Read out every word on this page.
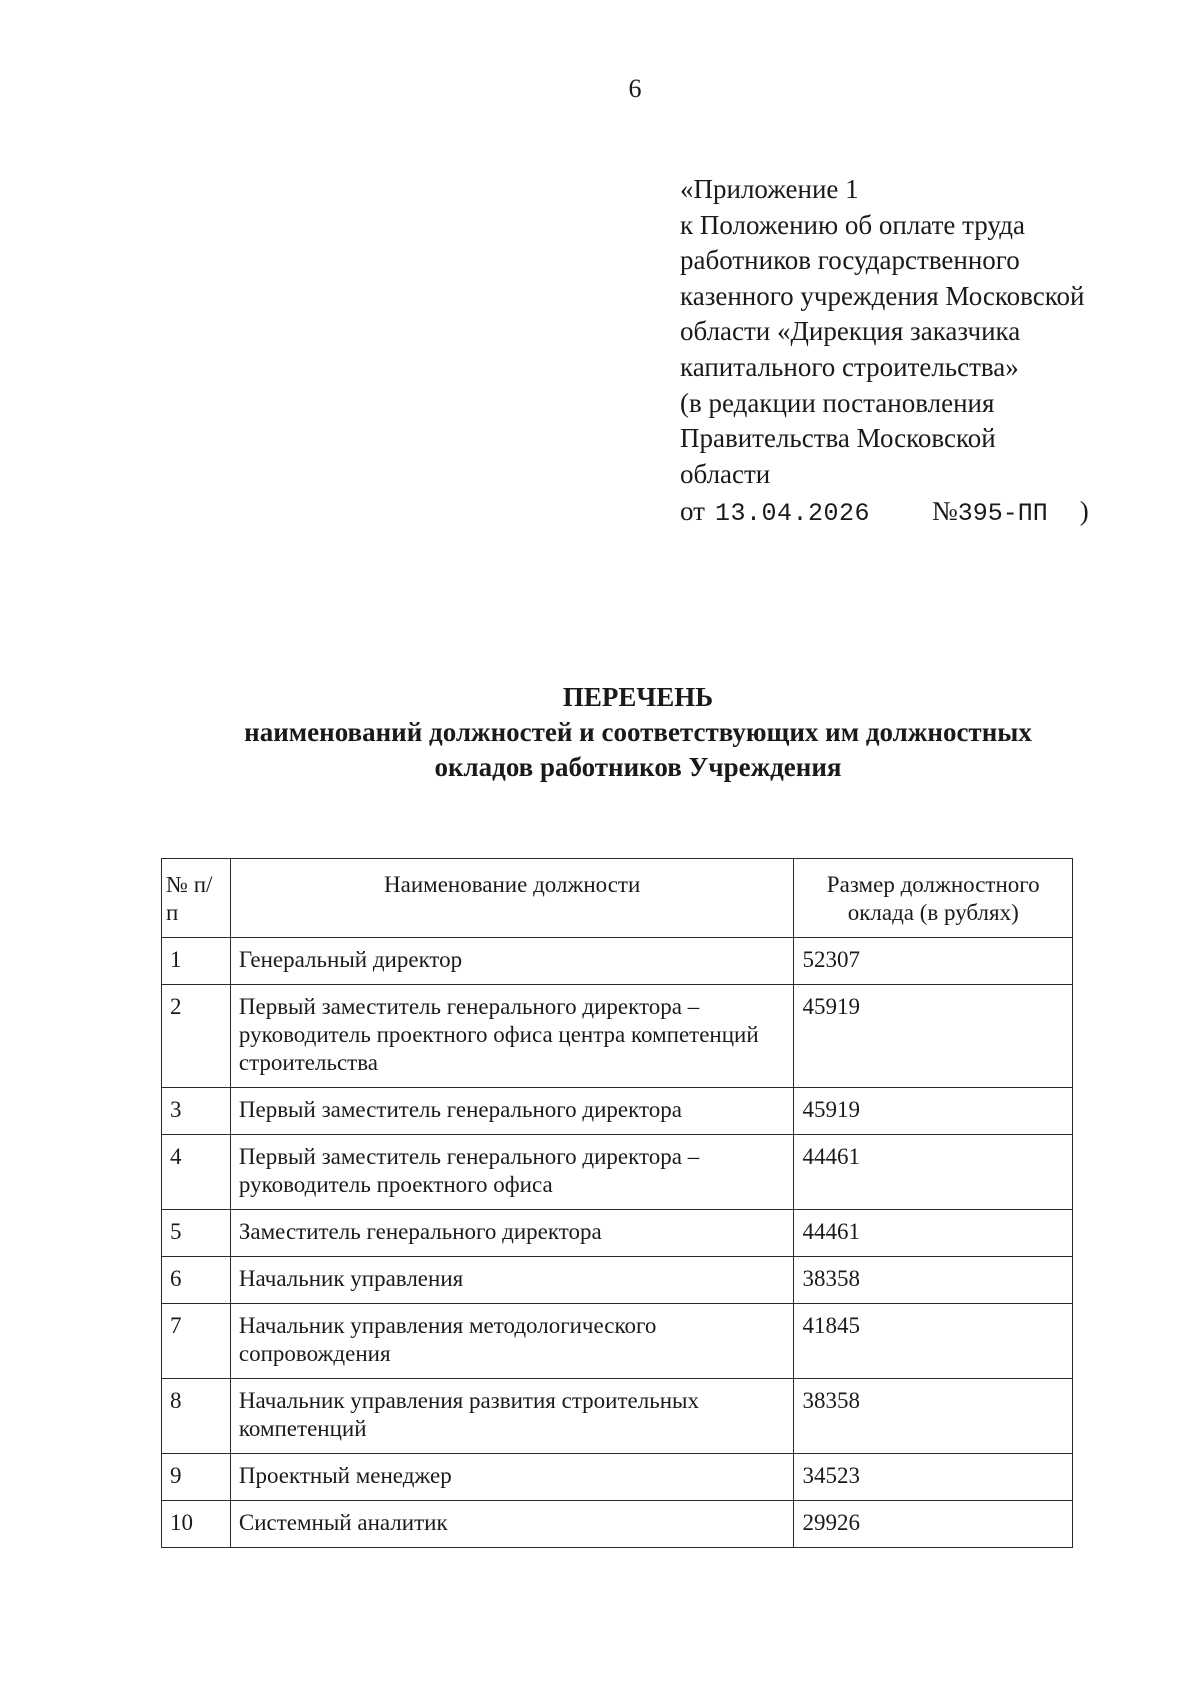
6
«Приложение 1
к Положению об оплате труда
работников государственного
казенного учреждения Московской
области «Дирекция заказчика
капитального строительства»
(в редакции постановления
Правительства Московской
области
от 13.04.2026 №395-ПП )
ПЕРЕЧЕНЬ
наименований должностей и соответствующих им должностных
окладов работников Учреждения
№ п/п	Наименование должности	Размер должностного оклада (в рублях)
1	Генеральный директор	52307
2	Первый заместитель генерального директора – руководитель проектного офиса центра компетенций строительства	45919
3	Первый заместитель генерального директора	45919
4	Первый заместитель генерального директора – руководитель проектного офиса	44461
5	Заместитель генерального директора	44461
6	Начальник управления	38358
7	Начальник управления методологического сопровождения	41845
8	Начальник управления развития строительных компетенций	38358
9	Проектный менеджер	34523
10	Системный аналитик	29926
